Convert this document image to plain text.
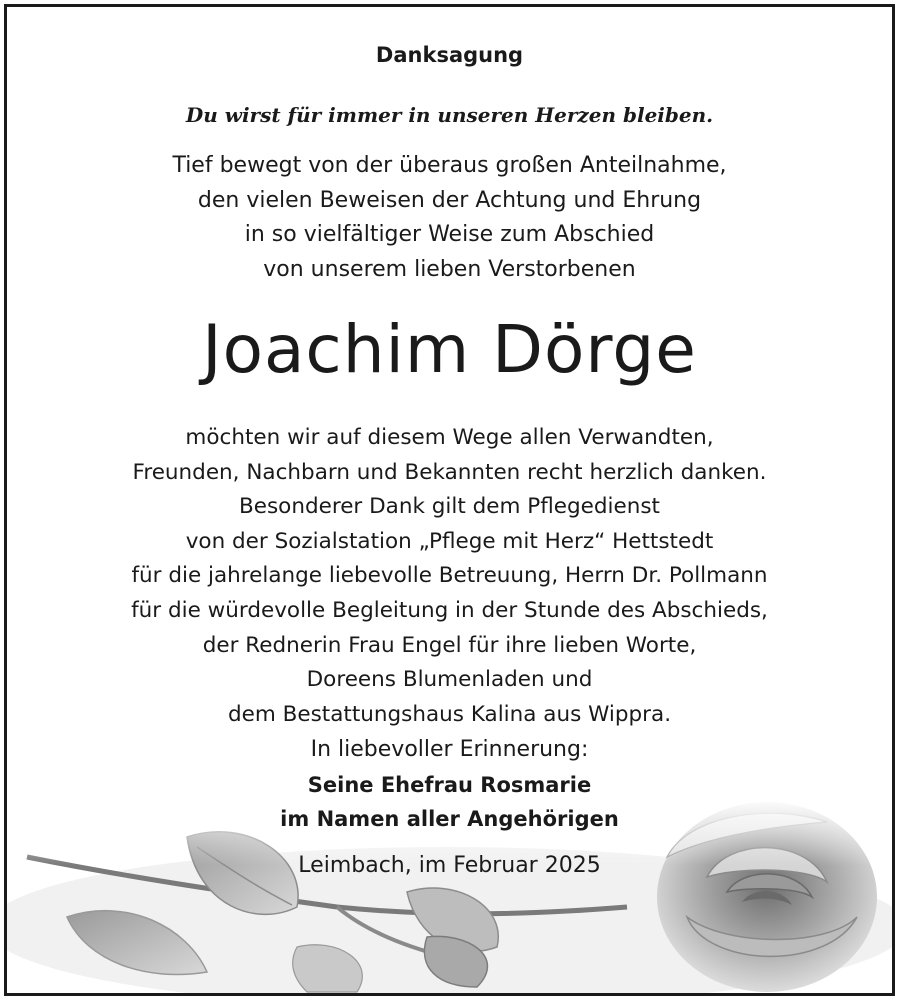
Danksagung
Du wirst für immer in unseren Herzen bleiben.
Tief bewegt von der überaus großen Anteilnahme,
den vielen Beweisen der Achtung und Ehrung
in so vielfältiger Weise zum Abschied
von unserem lieben Verstorbenen
Joachim Dörge
möchten wir auf diesem Wege allen Verwandten,
Freunden, Nachbarn und Bekannten recht herzlich danken.
Besonderer Dank gilt dem Pflegedienst
von der Sozialstation „Pflege mit Herz“ Hettstedt
für die jahrelange liebevolle Betreuung, Herrn Dr. Pollmann
für die würdevolle Begleitung in der Stunde des Abschieds,
der Rednerin Frau Engel für ihre lieben Worte,
Doreens Blumenladen und
dem Bestattungshaus Kalina aus Wippra.
In liebevoller Erinnerung:
Seine Ehefrau Rosmarie
im Namen aller Angehörigen
Leimbach, im Februar 2025
